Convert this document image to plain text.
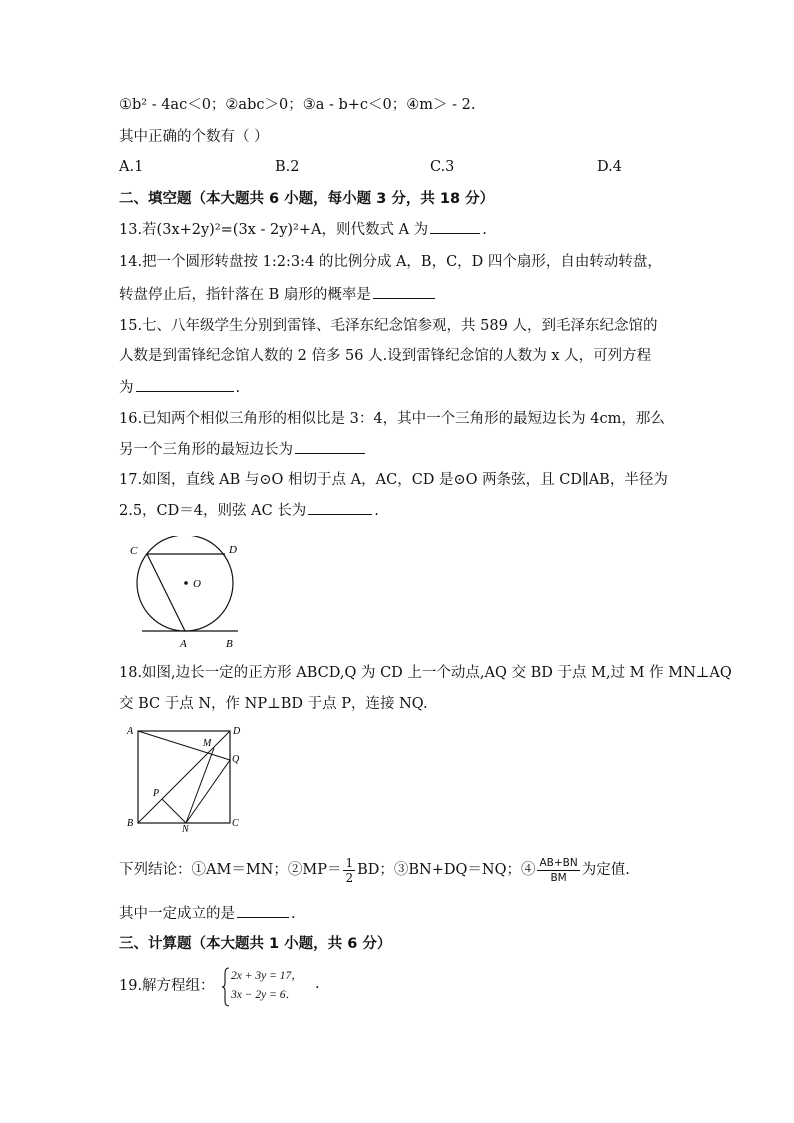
①b² - 4ac＜0；②abc＞0；③a - b+c＜0；④m＞ - 2.
其中正确的个数有（ ）
A.1	B.2	C.3	D.4
二、填空题（本大题共 6 小题，每小题 3 分，共 18 分）
13.若(3x+2y)²=(3x - 2y)²+A，则代数式 A 为	.
14.把一个圆形转盘按 1:2:3:4 的比例分成 A，B，C，D 四个扇形，自由转动转盘，
转盘停止后，指针落在 B 扇形的概率是
15.七、八年级学生分别到雷锋、毛泽东纪念馆参观，共 589 人，到毛泽东纪念馆的
人数是到雷锋纪念馆人数的 2 倍多 56 人.设到雷锋纪念馆的人数为 x 人，可列方程
为	.
16.已知两个相似三角形的相似比是 3：4，其中一个三角形的最短边长为 4cm，那么
另一个三角形的最短边长为
17.如图，直线 AB 与⊙O 相切于点 A，AC，CD 是⊙O 两条弦，且 CD∥AB，半径为
2.5，CD＝4，则弦 AC 长为	.
C	D
O
A	B
18.如图,边长一定的正方形 ABCD,Q 为 CD 上一个动点,AQ 交 BD 于点 M,过 M 作 MN⊥AQ
交 BC 于点 N，作 NP⊥BD 于点 P，连接 NQ.
A	D
M
Q
P
B
N
C
下列结论：①AM＝MN；②MP＝ $\frac{1}{2}$ BD；③BN+DQ＝NQ；④ $\frac{AB+BN}{BM}$ 为定值.
其中一定成立的是	.
三、计算题（本大题共 1 小题，共 6 分）
19.解方程组：
2x + 3y = 17，
3x − 2y = 6．
.
